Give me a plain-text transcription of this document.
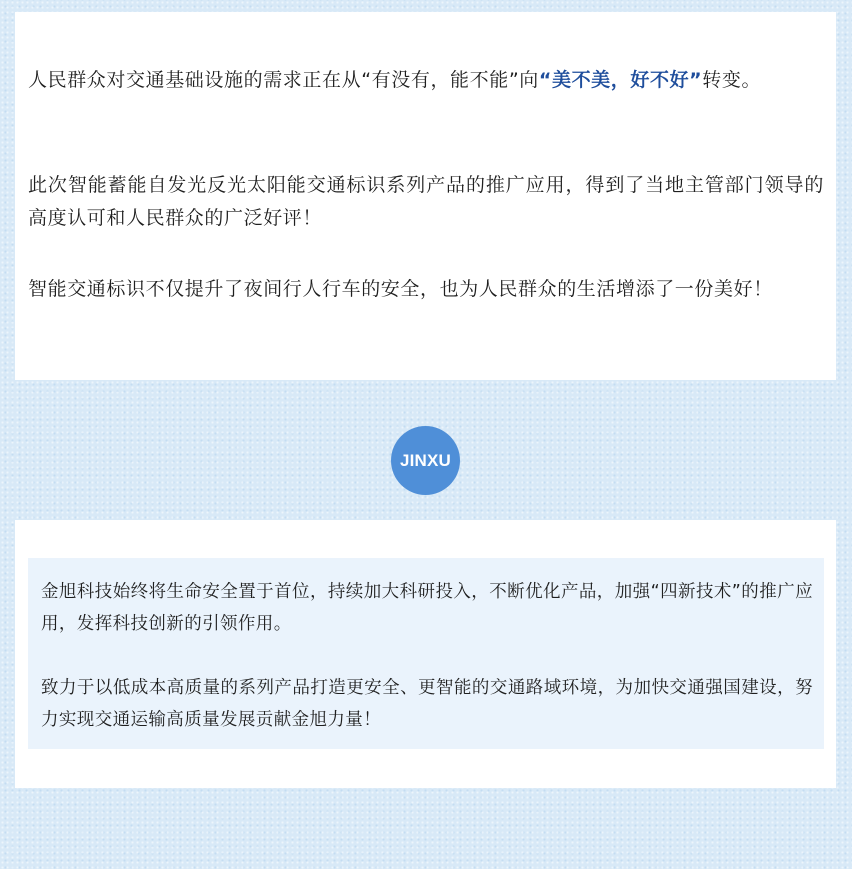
人民群众对交通基础设施的需求正在从“有没有，能不能”向“美不美，好不好”转变。

此次智能蓄能自发光反光太阳能交通标识系列产品的推广应用，得到了当地主管部门领导的高度认可和人民群众的广泛好评！

智能交通标识不仅提升了夜间行人行车的安全，也为人民群众的生活增添了一份美好！

JINXU

金旭科技始终将生命安全置于首位，持续加大科研投入，不断优化产品，加强“四新技术”的推广应用，发挥科技创新的引领作用。

致力于以低成本高质量的系列产品打造更安全、更智能的交通路域环境，为加快交通强国建设，努力实现交通运输高质量发展贡献金旭力量！
